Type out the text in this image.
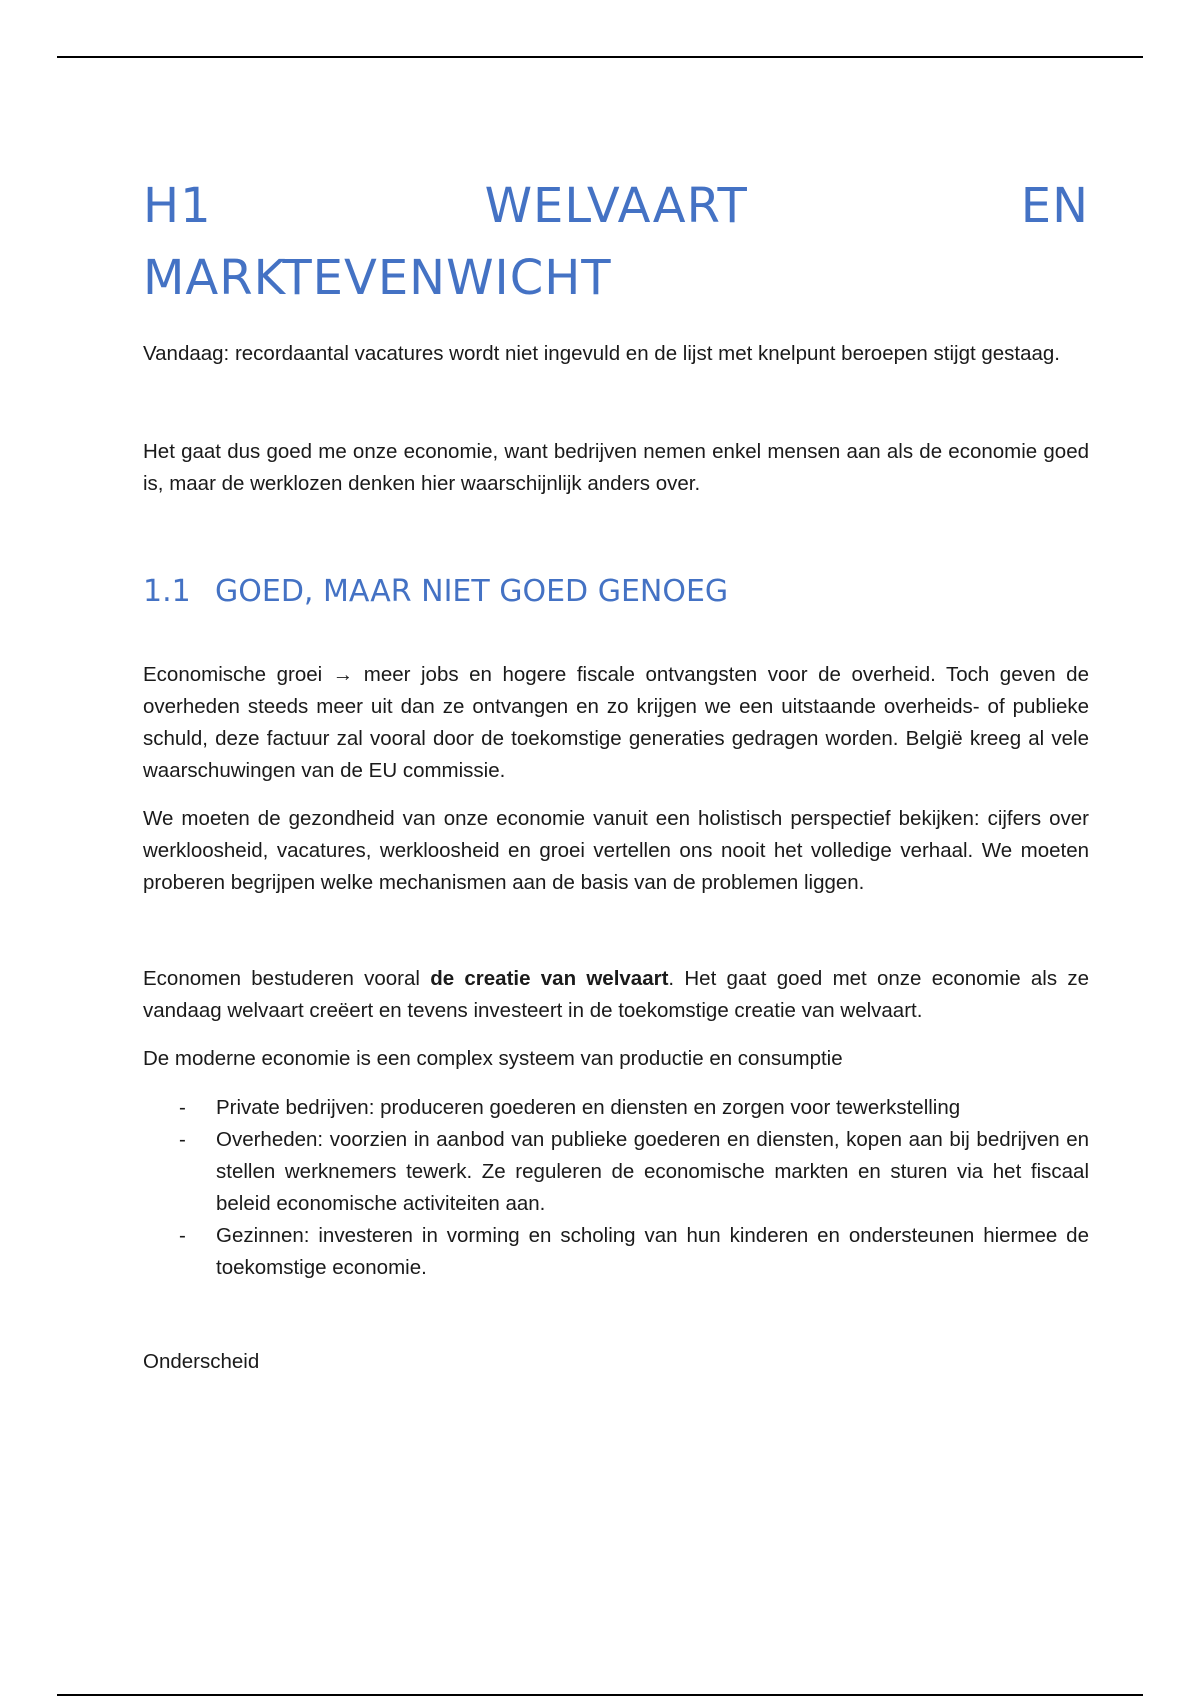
H1	WELVAART	EN
MARKTEVENWICHT

Vandaag: recordaantal vacatures wordt niet ingevuld en de lijst met knelpunt beroepen stijgt gestaag.

Het gaat dus goed me onze economie, want bedrijven nemen enkel mensen aan als de economie goed is, maar de werklozen denken hier waarschijnlijk anders over.

1.1 GOED, MAAR NIET GOED GENOEG

Economische groei → meer jobs en hogere fiscale ontvangsten voor de overheid. Toch geven de overheden steeds meer uit dan ze ontvangen en zo krijgen we een uitstaande overheids- of publieke schuld, deze factuur zal vooral door de toekomstige generaties gedragen worden. België kreeg al vele waarschuwingen van de EU commissie.

We moeten de gezondheid van onze economie vanuit een holistisch perspectief bekijken: cijfers over werkloosheid, vacatures, werkloosheid en groei vertellen ons nooit het volledige verhaal. We moeten proberen begrijpen welke mechanismen aan de basis van de problemen liggen.

Economen bestuderen vooral de creatie van welvaart. Het gaat goed met onze economie als ze vandaag welvaart creëert en tevens investeert in de toekomstige creatie van welvaart.

De moderne economie is een complex systeem van productie en consumptie

- Private bedrijven: produceren goederen en diensten en zorgen voor tewerkstelling
- Overheden: voorzien in aanbod van publieke goederen en diensten, kopen aan bij bedrijven en stellen werknemers tewerk. Ze reguleren de economische markten en sturen via het fiscaal beleid economische activiteiten aan.
- Gezinnen: investeren in vorming en scholing van hun kinderen en ondersteunen hiermee de toekomstige economie.

Onderscheid
